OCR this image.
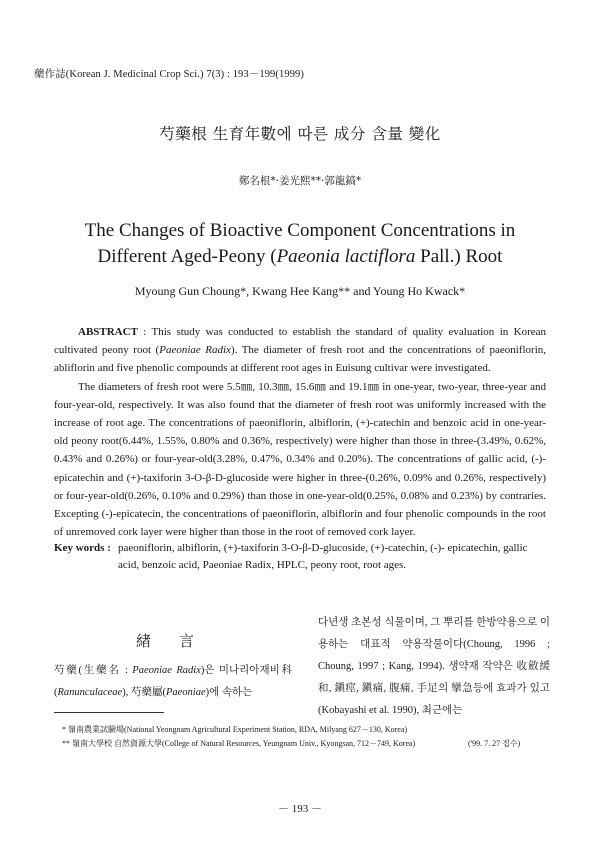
藥作誌(Korean J. Medicinal Crop Sci.) 7(3) : 193－199(1999)
芍藥根 生育年數에 따른 成分 含量 變化
鄭名根*·姜光熙**·郭龍鎬*
The Changes of Bioactive Component Concentrations in
Different Aged-Peony (Paeonia lactiflora Pall.) Root
Myoung Gun Choung*, Kwang Hee Kang** and Young Ho Kwack*

ABSTRACT : This study was conducted to establish the standard of quality evaluation in Korean cultivated peony root (Paeoniae Radix). The diameter of fresh root and the concentrations of paeoniflorin, abliflorin and five phenolic compounds at different root ages in Euisung cultivar were investigated.

The diameters of fresh root were 5.5㎜, 10.3㎜, 15.6㎜ and 19.1㎜ in one-year, two-year, three-year and four-year-old, respectively. It was also found that the diameter of fresh root was uniformly increased with the increase of root age. The concentrations of paeoniflorin, albiflorin, (+)-catechin and benzoic acid in one-year-old peony root(6.44%, 1.55%, 0.80% and 0.36%, respectively) were higher than those in three-(3.49%, 0.62%, 0.43% and 0.26%) or four-year-old(3.28%, 0.47%, 0.34% and 0.20%). The concentrations of gallic acid, (-)-epicatechin and (+)-taxiforin 3-O-β-D-glucoside were higher in three-(0.26%, 0.09% and 0.26%, respectively) or four-year-old(0.26%, 0.10% and 0.29%) than those in one-year-old(0.25%, 0.08% and 0.23%) by contraries. Excepting (-)-epicatecin, the concentrations of paeoniflorin, albiflorin and four phenolic compounds in the root of unremoved cork layer were higher than those in the root of removed cork layer.

Key words : paeoniflorin, albiflorin, (+)-taxiforin 3-O-β-D-glucoside, (+)-catechin, (-)- epicatechin, gallic acid, benzoic acid, Paeoniae Radix, HPLC, peony root, root ages.
緖言
芍藥(生藥名 : Paeoniae Radix)은 미나리아재비科(Ranunculaceae), 芍藥屬(Paeoniae)에 속하는
다년생 초본성 식물이며, 그 뿌리를 한방약용으로 이용하는 대표적 약용작물이다(Choung, 1996 ; Choung, 1997 ; Kang, 1994). 생약재 작약은 收斂緩和, 鎭痙, 鎭痛, 腹痛, 手足의 攣急등에 효과가 있고(Kobayashi et al. 1990), 최근에는
* 嶺南農業試驗場(National Yeongnam Agricultural Experiment Station, RDA, Milyang 627－130, Korea)
** 嶺南大學校 自然資源大學(College of Natural Resources, Yeungnam Univ., Kyongsan, 712－749, Korea)	('99. 7. 27 접수)
－ 193 －
